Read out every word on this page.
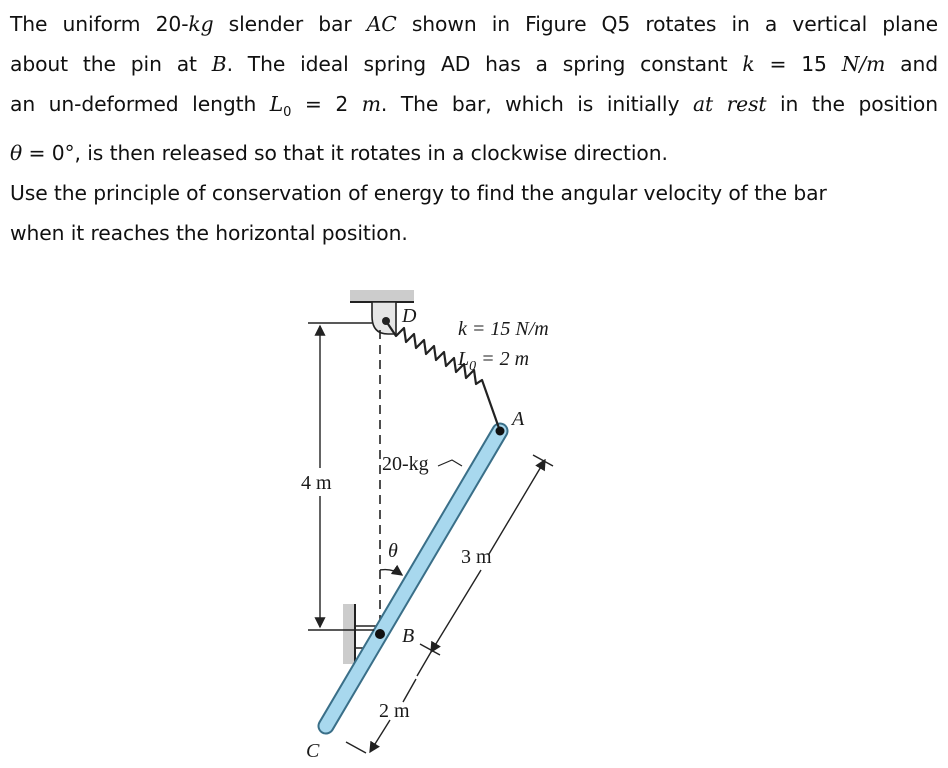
The uniform 20-kg slender bar AC shown in Figure Q5 rotates in a vertical plane
about the pin at B. The ideal spring AD has a spring constant k = 15 N/m and
an un-deformed length $L_0 = 2$ m. The bar, which is initially at rest in the position
θ = 0°, is then released so that it rotates in a clockwise direction.
Use the principle of conservation of energy to find the angular velocity of the bar
when it reaches the horizontal position.
D
k = 15 N/m
$L_0 = 2$ m
A
20-kg
4 m
θ	3 m
B
2 m
C
